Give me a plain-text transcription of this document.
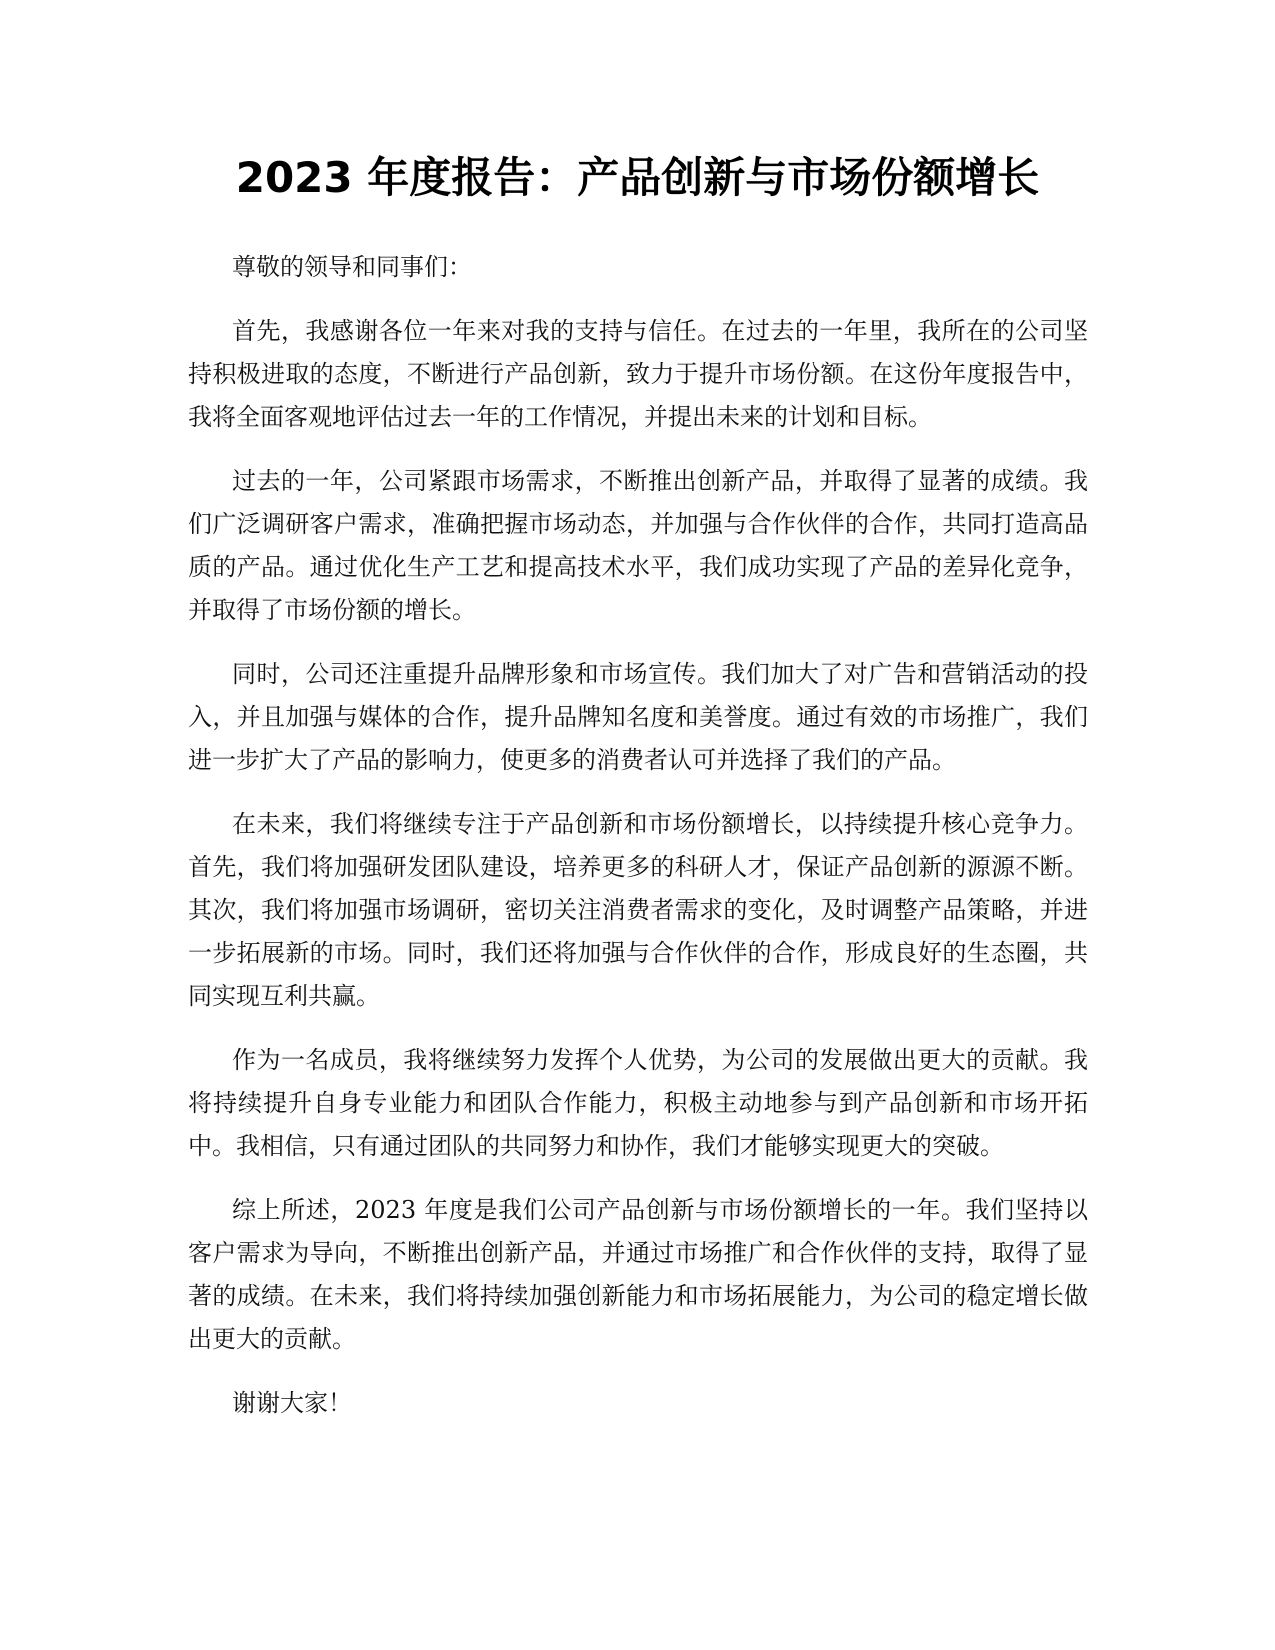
2023 年度报告：产品创新与市场份额增长

尊敬的领导和同事们：

首先，我感谢各位一年来对我的支持与信任。在过去的一年里，我所在的公司坚持积极进取的态度，不断进行产品创新，致力于提升市场份额。在这份年度报告中，我将全面客观地评估过去一年的工作情况，并提出未来的计划和目标。

过去的一年，公司紧跟市场需求，不断推出创新产品，并取得了显著的成绩。我们广泛调研客户需求，准确把握市场动态，并加强与合作伙伴的合作，共同打造高品质的产品。通过优化生产工艺和提高技术水平，我们成功实现了产品的差异化竞争，并取得了市场份额的增长。

同时，公司还注重提升品牌形象和市场宣传。我们加大了对广告和营销活动的投入，并且加强与媒体的合作，提升品牌知名度和美誉度。通过有效的市场推广，我们进一步扩大了产品的影响力，使更多的消费者认可并选择了我们的产品。

在未来，我们将继续专注于产品创新和市场份额增长，以持续提升核心竞争力。首先，我们将加强研发团队建设，培养更多的科研人才，保证产品创新的源源不断。其次，我们将加强市场调研，密切关注消费者需求的变化，及时调整产品策略，并进一步拓展新的市场。同时，我们还将加强与合作伙伴的合作，形成良好的生态圈，共同实现互利共赢。

作为一名成员，我将继续努力发挥个人优势，为公司的发展做出更大的贡献。我将持续提升自身专业能力和团队合作能力，积极主动地参与到产品创新和市场开拓中。我相信，只有通过团队的共同努力和协作，我们才能够实现更大的突破。

综上所述，2023 年度是我们公司产品创新与市场份额增长的一年。我们坚持以客户需求为导向，不断推出创新产品，并通过市场推广和合作伙伴的支持，取得了显著的成绩。在未来，我们将持续加强创新能力和市场拓展能力，为公司的稳定增长做出更大的贡献。

谢谢大家！
